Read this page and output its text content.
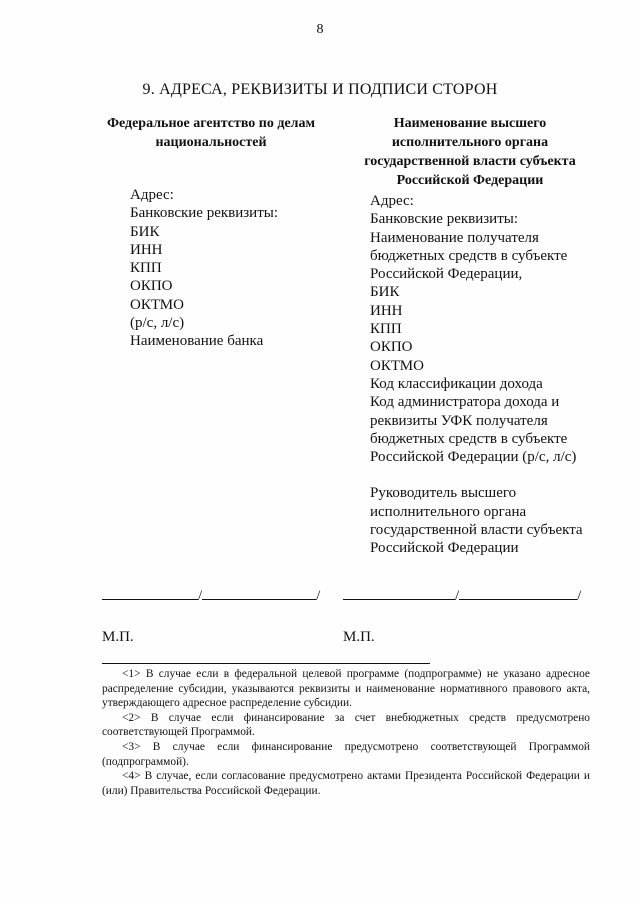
8
9. АДРЕСА, РЕКВИЗИТЫ И ПОДПИСИ СТОРОН
Федеральное агентство по делам
национальностей
Наименование высшего
исполнительного органа
государственной власти субъекта
Российской Федерации
Адрес:
Банковские реквизиты:
БИК
ИНН
КПП
ОКПО
ОКТМО
(р/с, л/с)
Наименование банка
Адрес:
Банковские реквизиты:
Наименование получателя
бюджетных средств в субъекте
Российской Федерации,
БИК
ИНН
КПП
ОКПО
ОКТМО
Код классификации дохода
Код администратора дохода и
реквизиты УФК получателя
бюджетных средств в субъекте
Российской Федерации (р/с, л/с)
Руководитель высшего
исполнительного органа
государственной власти субъекта
Российской Федерации
/	/	/	/
М.П.	М.П.

<1> В случае если в федеральной целевой программе (подпрограмме) не указано адресное распределение субсидии, указываются реквизиты и наименование нормативного правового акта, утверждающего адресное распределение субсидии.

<2> В случае если финансирование за счет внебюджетных средств предусмотрено соответствующей Программой.

<3> В случае если финансирование предусмотрено соответствующей Программой (подпрограммой).

<4> В случае, если согласование предусмотрено актами Президента Российской Федерации и (или) Правительства Российской Федерации.
